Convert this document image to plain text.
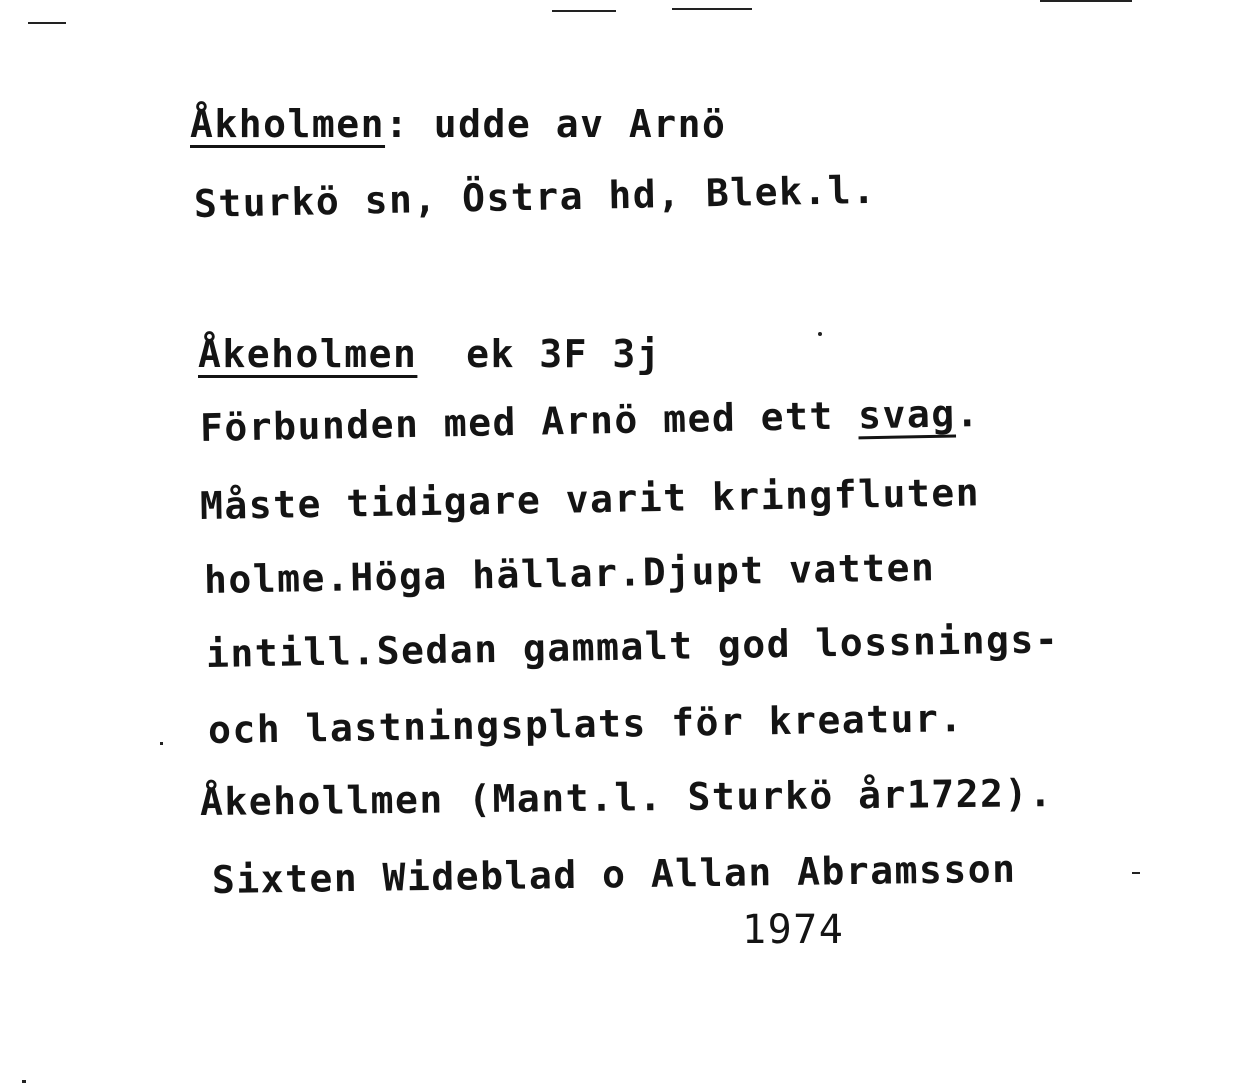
Åkholmen: udde av Arnö
Sturkö sn, Östra hd, Blek.l.
Åkeholmen  ek 3F 3j
Förbunden med Arnö med ett svag.
Måste tidigare varit kringfluten
holme.Höga hällar.Djupt vatten
intill.Sedan gammalt god lossnings-
och lastningsplats för kreatur.
Åkehollmen (Mant.l. Sturkö år1722).
Sixten Wideblad o Allan Abramsson
1974
